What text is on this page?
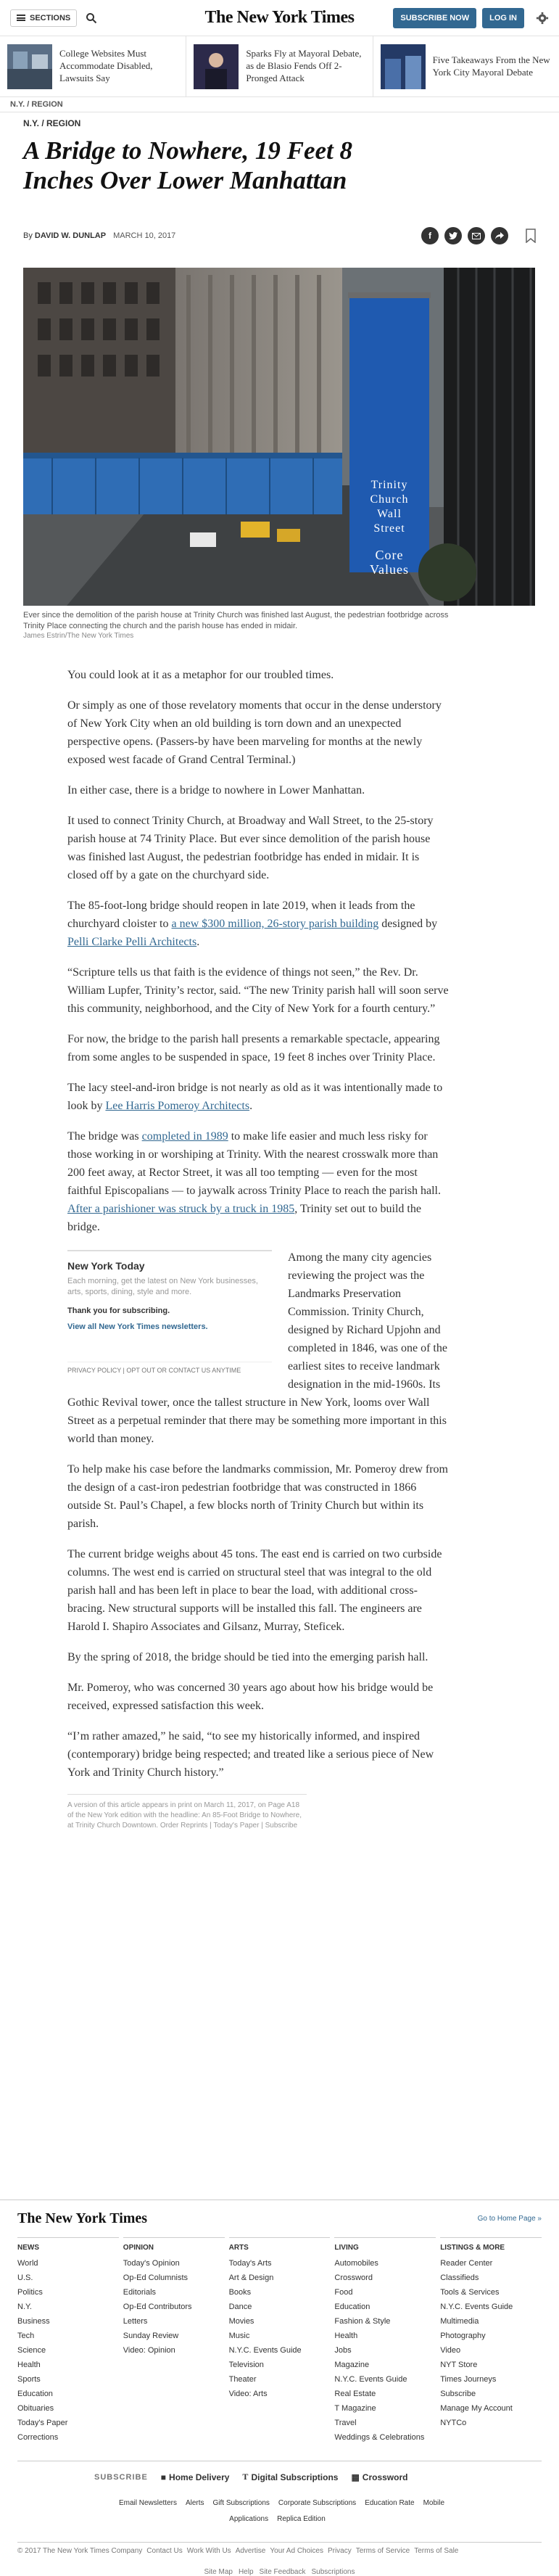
SECTIONS	The New York Times	SUBSCRIBE NOW	LOG IN
College Websites Must Accommodate Disabled, Lawsuits Say
Sparks Fly at Mayoral Debate, as de Blasio Fends Off 2-Pronged Attack
Five Takeaways From the New York City Mayoral Debate
N.Y. / REGION
N.Y. / REGION
A Bridge to Nowhere, 19 Feet 8 Inches Over Lower Manhattan
By DAVID W. DUNLAP MARCH 10, 2017	f
Trinity
Church
Wall
Street
Core
Values
Ever since the demolition of the parish house at Trinity Church was finished last August, the pedestrian footbridge across Trinity Place connecting the church and the parish house has ended in midair.
James Estrin/The New York Times

You could look at it as a metaphor for our troubled times.

Or simply as one of those revelatory moments that occur in the dense understory of New York City when an old building is torn down and an unexpected perspective opens. (Passers-by have been marveling for months at the newly exposed west facade of Grand Central Terminal.)

In either case, there is a bridge to nowhere in Lower Manhattan.

It used to connect Trinity Church, at Broadway and Wall Street, to the 25-story parish house at 74 Trinity Place. But ever since demolition of the parish house was finished last August, the pedestrian footbridge has ended in midair. It is closed off by a gate on the churchyard side.

The 85-foot-long bridge should reopen in late 2019, when it leads from the churchyard cloister to a new $300 million, 26-story parish building designed by Pelli Clarke Pelli Architects.

“Scripture tells us that faith is the evidence of things not seen,” the Rev. Dr. William Lupfer, Trinity’s rector, said. “The new Trinity parish hall will soon serve this community, neighborhood, and the City of New York for a fourth century.”

For now, the bridge to the parish hall presents a remarkable spectacle, appearing from some angles to be suspended in space, 19 feet 8 inches over Trinity Place.

The lacy steel-and-iron bridge is not nearly as old as it was intentionally made to look by Lee Harris Pomeroy Architects.

The bridge was completed in 1989 to make life easier and much less risky for those working in or worshiping at Trinity. With the nearest crosswalk more than 200 feet away, at Rector Street, it was all too tempting — even for the most faithful Episcopalians — to jaywalk across Trinity Place to reach the parish hall. After a parishioner was struck by a truck in 1985, Trinity set out to build the bridge.

New York Today
Each morning, get the latest on New York businesses, arts, sports, dining, style and more.
Thank you for subscribing.
View all New York Times newsletters.
PRIVACY POLICY | OPT OUT OR CONTACT US ANYTIME

Among the many city agencies reviewing the project was the Landmarks Preservation Commission. Trinity Church, designed by Richard Upjohn and completed in 1846, was one of the earliest sites to receive landmark designation in the mid-1960s. Its Gothic Revival tower, once the tallest structure in New York, looms over Wall Street as a perpetual reminder that there may be something more important in this world than money.

To help make his case before the landmarks commission, Mr. Pomeroy drew from the design of a cast-iron pedestrian footbridge that was constructed in 1866 outside St. Paul’s Chapel, a few blocks north of Trinity Church but within its parish.

The current bridge weighs about 45 tons. The east end is carried on two curbside columns. The west end is carried on structural steel that was integral to the old parish hall and has been left in place to bear the load, with additional cross-bracing. New structural supports will be installed this fall. The engineers are Harold I. Shapiro Associates and Gilsanz, Murray, Steficek.

By the spring of 2018, the bridge should be tied into the emerging parish hall.

Mr. Pomeroy, who was concerned 30 years ago about how his bridge would be received, expressed satisfaction this week.

“I’m rather amazed,” he said, “to see my historically informed, and inspired (contemporary) bridge being respected; and treated like a serious piece of New York and Trinity Church history.”

A version of this article appears in print on March 11, 2017, on Page A18 of the New York edition with the headline: An 85-Foot Bridge to Nowhere, at Trinity Church Downtown. Order Reprints | Today's Paper | Subscribe
The New York Times	Go to Home Page »
NEWS
World
U.S.
Politics
N.Y.
Business
Tech
Science
Health
Sports
Education
Obituaries
Today's Paper
Corrections
OPINION
Today's Opinion
Op-Ed Columnists
Editorials
Op-Ed Contributors
Letters
Sunday Review
Video: Opinion
ARTS
Today's Arts
Art & Design
Books
Dance
Movies
Music
N.Y.C. Events Guide
Television
Theater
Video: Arts
LIVING
Automobiles
Crossword
Food
Education
Fashion & Style
Health
Jobs
Magazine
N.Y.C. Events Guide
Real Estate
T Magazine
Travel
Weddings & Celebrations
LISTINGS & MORE
Reader Center
Classifieds
Tools & Services
N.Y.C. Events Guide
Multimedia
Photography
Video
NYT Store
Times Journeys
Subscribe
Manage My Account
NYTCo
SUBSCRIBE ■ Home Delivery T Digital Subscriptions ▦ Crossword
Email Newsletters Alerts Gift Subscriptions Corporate Subscriptions Education Rate Mobile Applications Replica Edition
© 2017 The New York Times Company Contact Us Work With Us Advertise Your Ad Choices Privacy Terms of Service Terms of Sale
Site Map Help Site Feedback Subscriptions
